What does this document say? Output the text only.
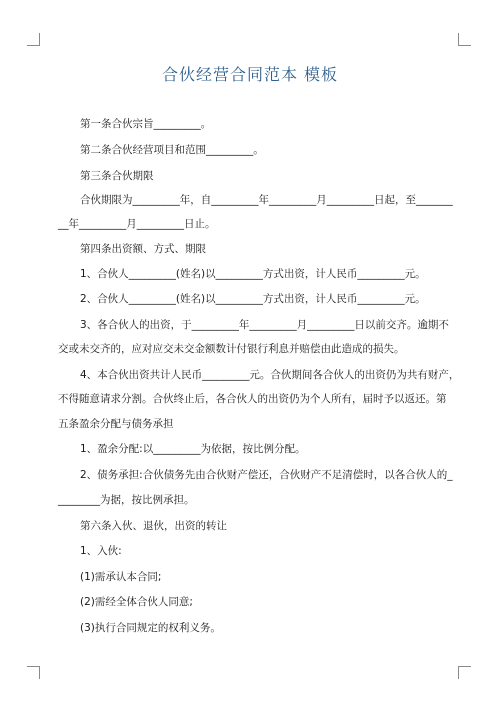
合伙经营合同范本 模板
第一条合伙宗旨_________。
第二条合伙经营项目和范围_________。
第三条合伙期限
合伙期限为_________年，自_________年_________月_________日起，至_______
__年_________月_________日止。
第四条出资额、方式、期限
1、合伙人_________(姓名)以_________方式出资，计人民币_________元。
2、合伙人_________(姓名)以_________方式出资，计人民币_________元。
3、各合伙人的出资，于_________年_________月_________日以前交齐。逾期不
交或未交齐的，应对应交未交金额数计付银行利息并赔偿由此造成的损失。
4、本合伙出资共计人民币_________元。合伙期间各合伙人的出资仍为共有财产，
不得随意请求分割。合伙终止后，各合伙人的出资仍为个人所有，届时予以返还。第
五条盈余分配与债务承担
1、盈余分配:以_________为依据，按比例分配。
2、债务承担:合伙债务先由合伙财产偿还，合伙财产不足清偿时，以各合伙人的_
________为据，按比例承担。
第六条入伙、退伙，出资的转让
1、入伙:
(1)需承认本合同;
(2)需经全体合伙人同意;
(3)执行合同规定的权利义务。
